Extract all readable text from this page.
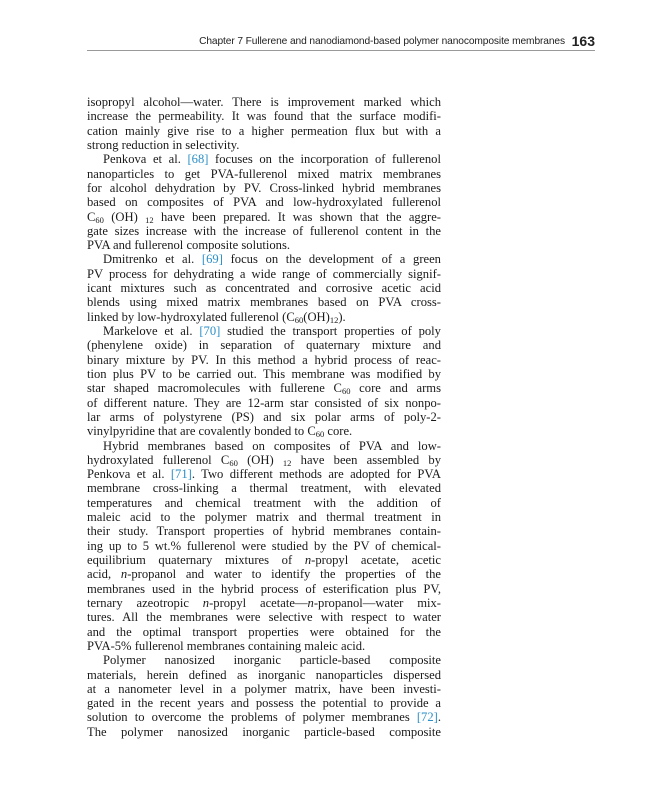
Chapter 7 Fullerene and nanodiamond-based polymer nanocomposite membranes 163
isopropyl alcohol—water. There is improvement marked which
increase the permeability. It was found that the surface modifi-
cation mainly give rise to a higher permeation flux but with a
strong reduction in selectivity.
Penkova et al. [68] focuses on the incorporation of fullerenol
nanoparticles to get PVA-fullerenol mixed matrix membranes
for alcohol dehydration by PV. Cross-linked hybrid membranes
based on composites of PVA and low-hydroxylated fullerenol
$C_{60}$ (OH) $_{12}$ have been prepared. It was shown that the aggre-
gate sizes increase with the increase of fullerenol content in the
PVA and fullerenol composite solutions.
Dmitrenko et al. [69] focus on the development of a green
PV process for dehydrating a wide range of commercially signif-
icant mixtures such as concentrated and corrosive acetic acid
blends using mixed matrix membranes based on PVA cross-
linked by low-hydroxylated fullerenol $(C_{60}(OH)_{12})$.
Markelove et al. [70] studied the transport properties of poly
(phenylene oxide) in separation of quaternary mixture and
binary mixture by PV. In this method a hybrid process of reac-
tion plus PV to be carried out. This membrane was modified by
star shaped macromolecules with fullerene $C_{60}$ core and arms
of different nature. They are 12-arm star consisted of six nonpo-
lar arms of polystyrene (PS) and six polar arms of poly-2-
vinylpyridine that are covalently bonded to $C_{60}$ core.
Hybrid membranes based on composites of PVA and low-
hydroxylated fullerenol $C_{60}$ (OH) $_{12}$ have been assembled by
Penkova et al. [71]. Two different methods are adopted for PVA
membrane cross-linking a thermal treatment, with elevated
temperatures and chemical treatment with the addition of
maleic acid to the polymer matrix and thermal treatment in
their study. Transport properties of hybrid membranes contain-
ing up to 5 wt.% fullerenol were studied by the PV of chemical-
equilibrium quaternary mixtures of n-propyl acetate, acetic
acid, n-propanol and water to identify the properties of the
membranes used in the hybrid process of esterification plus PV,
ternary azeotropic n-propyl acetate—n-propanol—water mix-
tures. All the membranes were selective with respect to water
and the optimal transport properties were obtained for the
PVA-5% fullerenol membranes containing maleic acid.
Polymer nanosized inorganic particle-based composite
materials, herein defined as inorganic nanoparticles dispersed
at a nanometer level in a polymer matrix, have been investi-
gated in the recent years and possess the potential to provide a
solution to overcome the problems of polymer membranes [72].
The polymer nanosized inorganic particle-based composite
